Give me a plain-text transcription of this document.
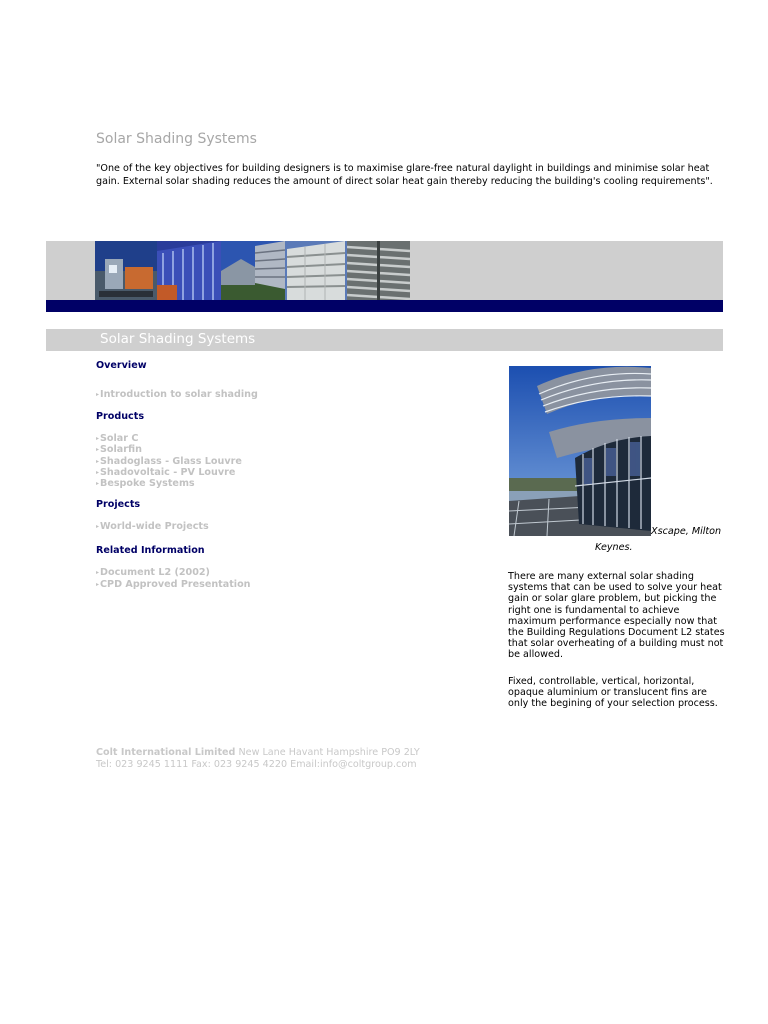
Solar Shading Systems
"One of the key objectives for building designers is to maximise glare-free natural daylight in buildings and minimise solar heat gain. External solar shading reduces the amount of direct solar heat gain thereby reducing the building's cooling requirements".
Solar Shading Systems
Overview
▸Introduction to solar shading
Products
▸Solar C
▸Solarfin
▸Shadoglass - Glass Louvre
▸Shadovoltaic - PV Louvre
▸Bespoke Systems
Projects
▸World-wide Projects
Related Information
▸Document L2 (2002)
▸CPD Approved Presentation
Xscape, Milton
Keynes.
There are many external solar shading systems that can be used to solve your heat gain or solar glare problem, but picking the right one is fundamental to achieve maximum performance especially now that the Building Regulations Document L2 states that solar overheating of a building must not be allowed.
Fixed, controllable, vertical, horizontal, opaque aluminium or translucent fins are only the begining of your selection process.
Colt International Limited New Lane Havant Hampshire PO9 2LY
Tel: 023 9245 1111 Fax: 023 9245 4220 Email:info@coltgroup.com
